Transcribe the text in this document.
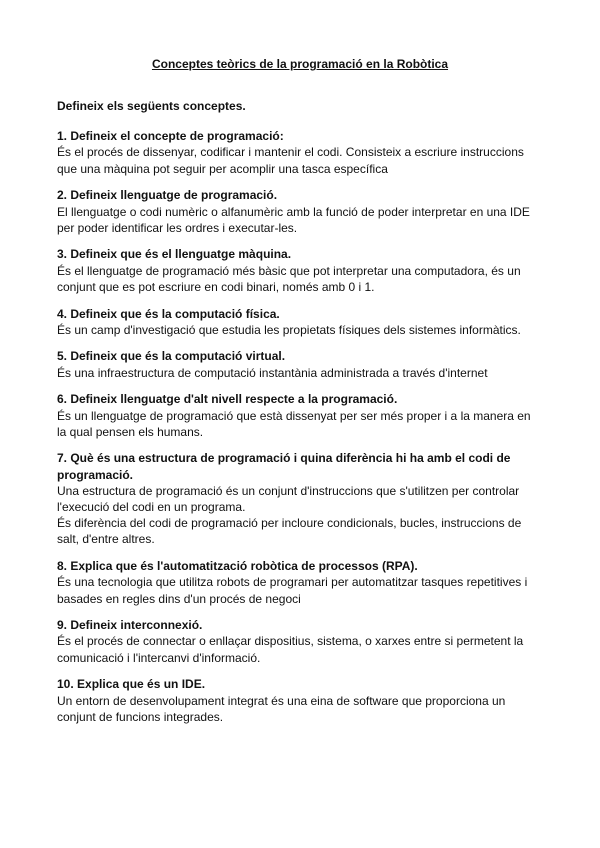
Conceptes teòrics de la programació en la Robòtica
Defineix els següents conceptes.
1. Defineix el concepte de programació:
És el procés de dissenyar, codificar i mantenir el codi. Consisteix a escriure instruccions
que una màquina pot seguir per acomplir una tasca específica
2. Defineix llenguatge de programació.
El llenguatge o codi numèric o alfanumèric amb la funció de poder interpretar en una IDE
per poder identificar les ordres i executar-les.
3. Defineix que és el llenguatge màquina.
És el llenguatge de programació més bàsic que pot interpretar una computadora, és un
conjunt que es pot escriure en codi binari, només amb 0 i 1.
4. Defineix que és la computació física.
És un camp d'investigació que estudia les propietats físiques dels sistemes informàtics.
5. Defineix que és la computació virtual.
És una infraestructura de computació instantània administrada a través d'internet
6. Defineix llenguatge d'alt nivell respecte a la programació.
És un llenguatge de programació que està dissenyat per ser més proper i a la manera en
la qual pensen els humans.
7. Què és una estructura de programació i quina diferència hi ha amb el codi de
programació.
Una estructura de programació és un conjunt d'instruccions que s'utilitzen per controlar
l'execució del codi en un programa.
És diferència del codi de programació per incloure condicionals, bucles, instruccions de
salt, d'entre altres.
8. Explica que és l'automatització robòtica de processos (RPA).
És una tecnologia que utilitza robots de programari per automatitzar tasques repetitives i
basades en regles dins d'un procés de negoci
9. Defineix interconnexió.
És el procés de connectar o enllaçar dispositius, sistema, o xarxes entre si permetent la
comunicació i l'intercanvi d'informació.
10. Explica que és un IDE.
Un entorn de desenvolupament integrat és una eina de software que proporciona un
conjunt de funcions integrades.
